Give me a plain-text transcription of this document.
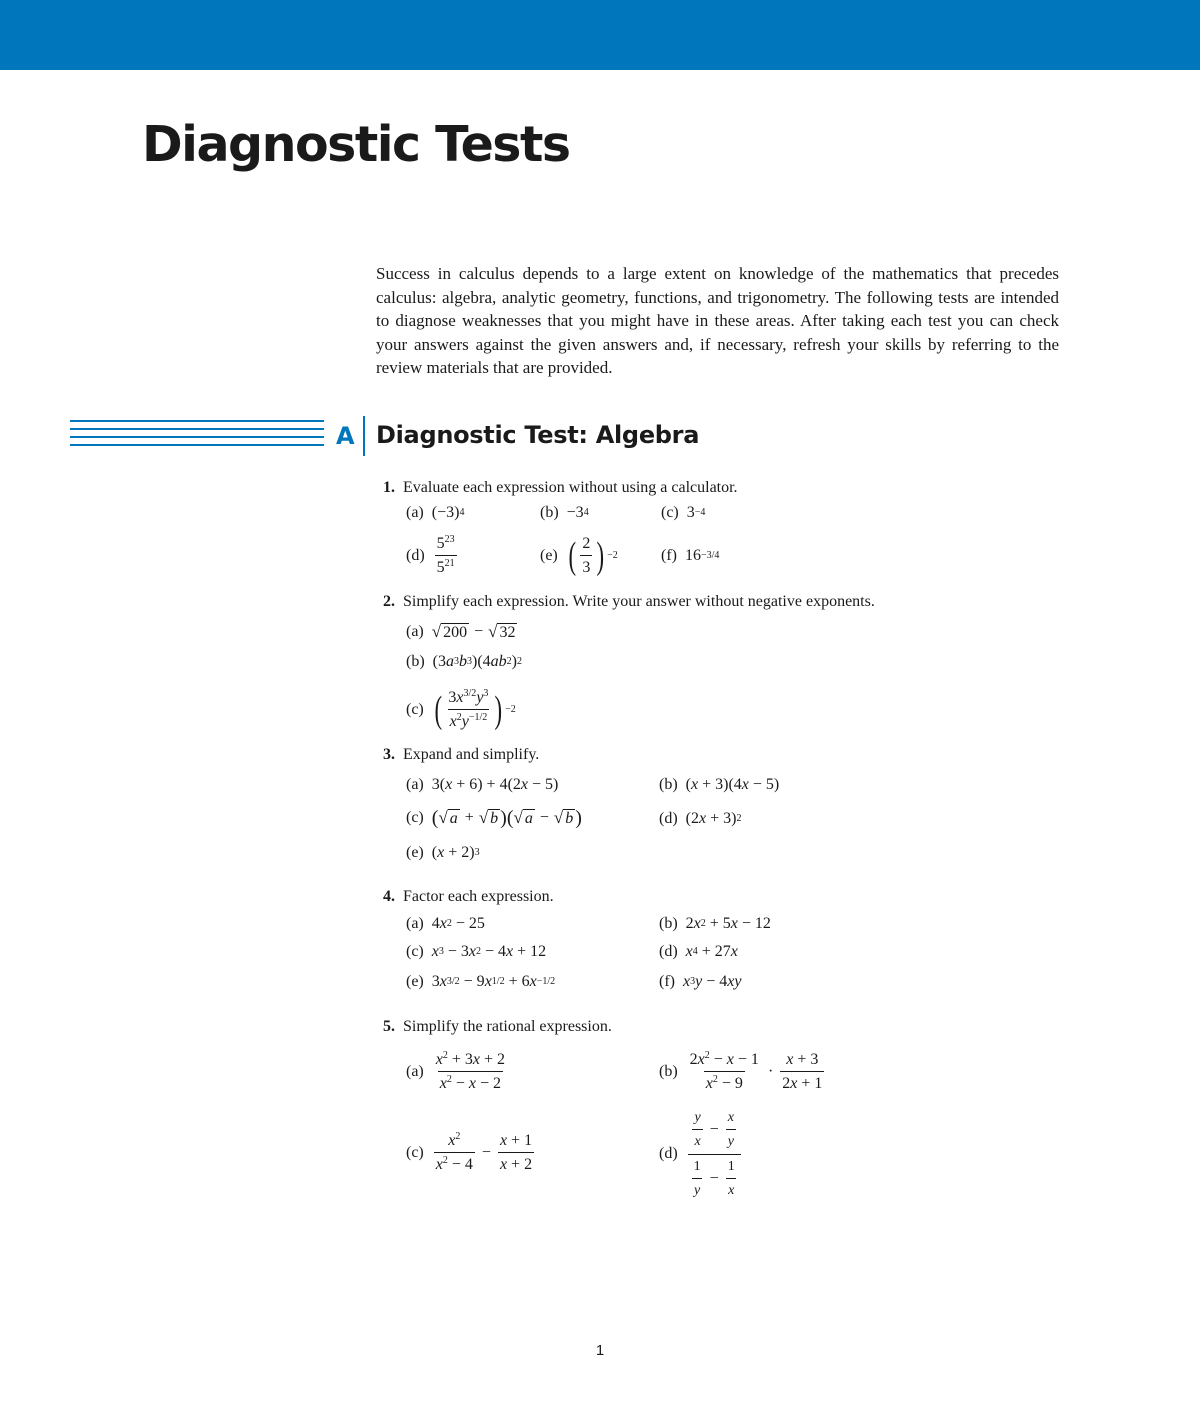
Diagnostic Tests

Success in calculus depends to a large extent on knowledge of the mathematics that precedes calculus: algebra, analytic geometry, functions, and trigonometry. The following tests are intended to diagnose weaknesses that you might have in these areas. After taking each test you can check your answers against the given answers and, if necessary, refresh your skills by referring to the review materials that are provided.

A Diagnostic Test: Algebra
1. Evaluate each expression without using a calculator.
(a) (−3) 4	(b) −3 4	(c) 3 −4
$(d) \frac{5^{23}}{5^{21}}$	(e) ( $\frac{2}{3}$ ) −2	(f) 16 −3/4
2. Simplify each expression. Write your answer without negative exponents.
(a) √ 200 − √ 32
(b) (3 a 3 b 3 )(4 ab 2 ) 2
(c) ( $\frac{3x^{3/2}y^3}{x^2y^{-1/2}}$ ) −2
3. Expand and simplify.
(a) 3( x + 6) + 4(2 x − 5)	(b) ( x + 3)(4 x − 5)
(c) ( √ a + √ b )( √ a − √ b )	(d) (2 x + 3) 2
(e) ( x + 2) 3
4. Factor each expression.
(a) 4 x 2 − 25	(b) 2 x 2 + 5 x − 12
(c) x 3 − 3 x 2 − 4 x + 12	(d) x 4 + 27 x
(e) 3 x 3/2 − 9 x 1/2 + 6 x −1/2	(f) x 3 y − 4 xy
5. Simplify the rational expression.
$(a) \frac{x^2 + 3x + 2}{x^2 - x - 2}$	$(b) \frac{2x^2 - x - 1}{x^2 - 9} \cdot \frac{x + 3}{2x + 1}$
$(c) \frac{x^2}{x^2 - 4} - \frac{x + 1}{x + 2}$	$(d) \frac{\frac{y}{x} - \frac{x}{y}}{\frac{1}{y} - \frac{1}{x}}$
1
